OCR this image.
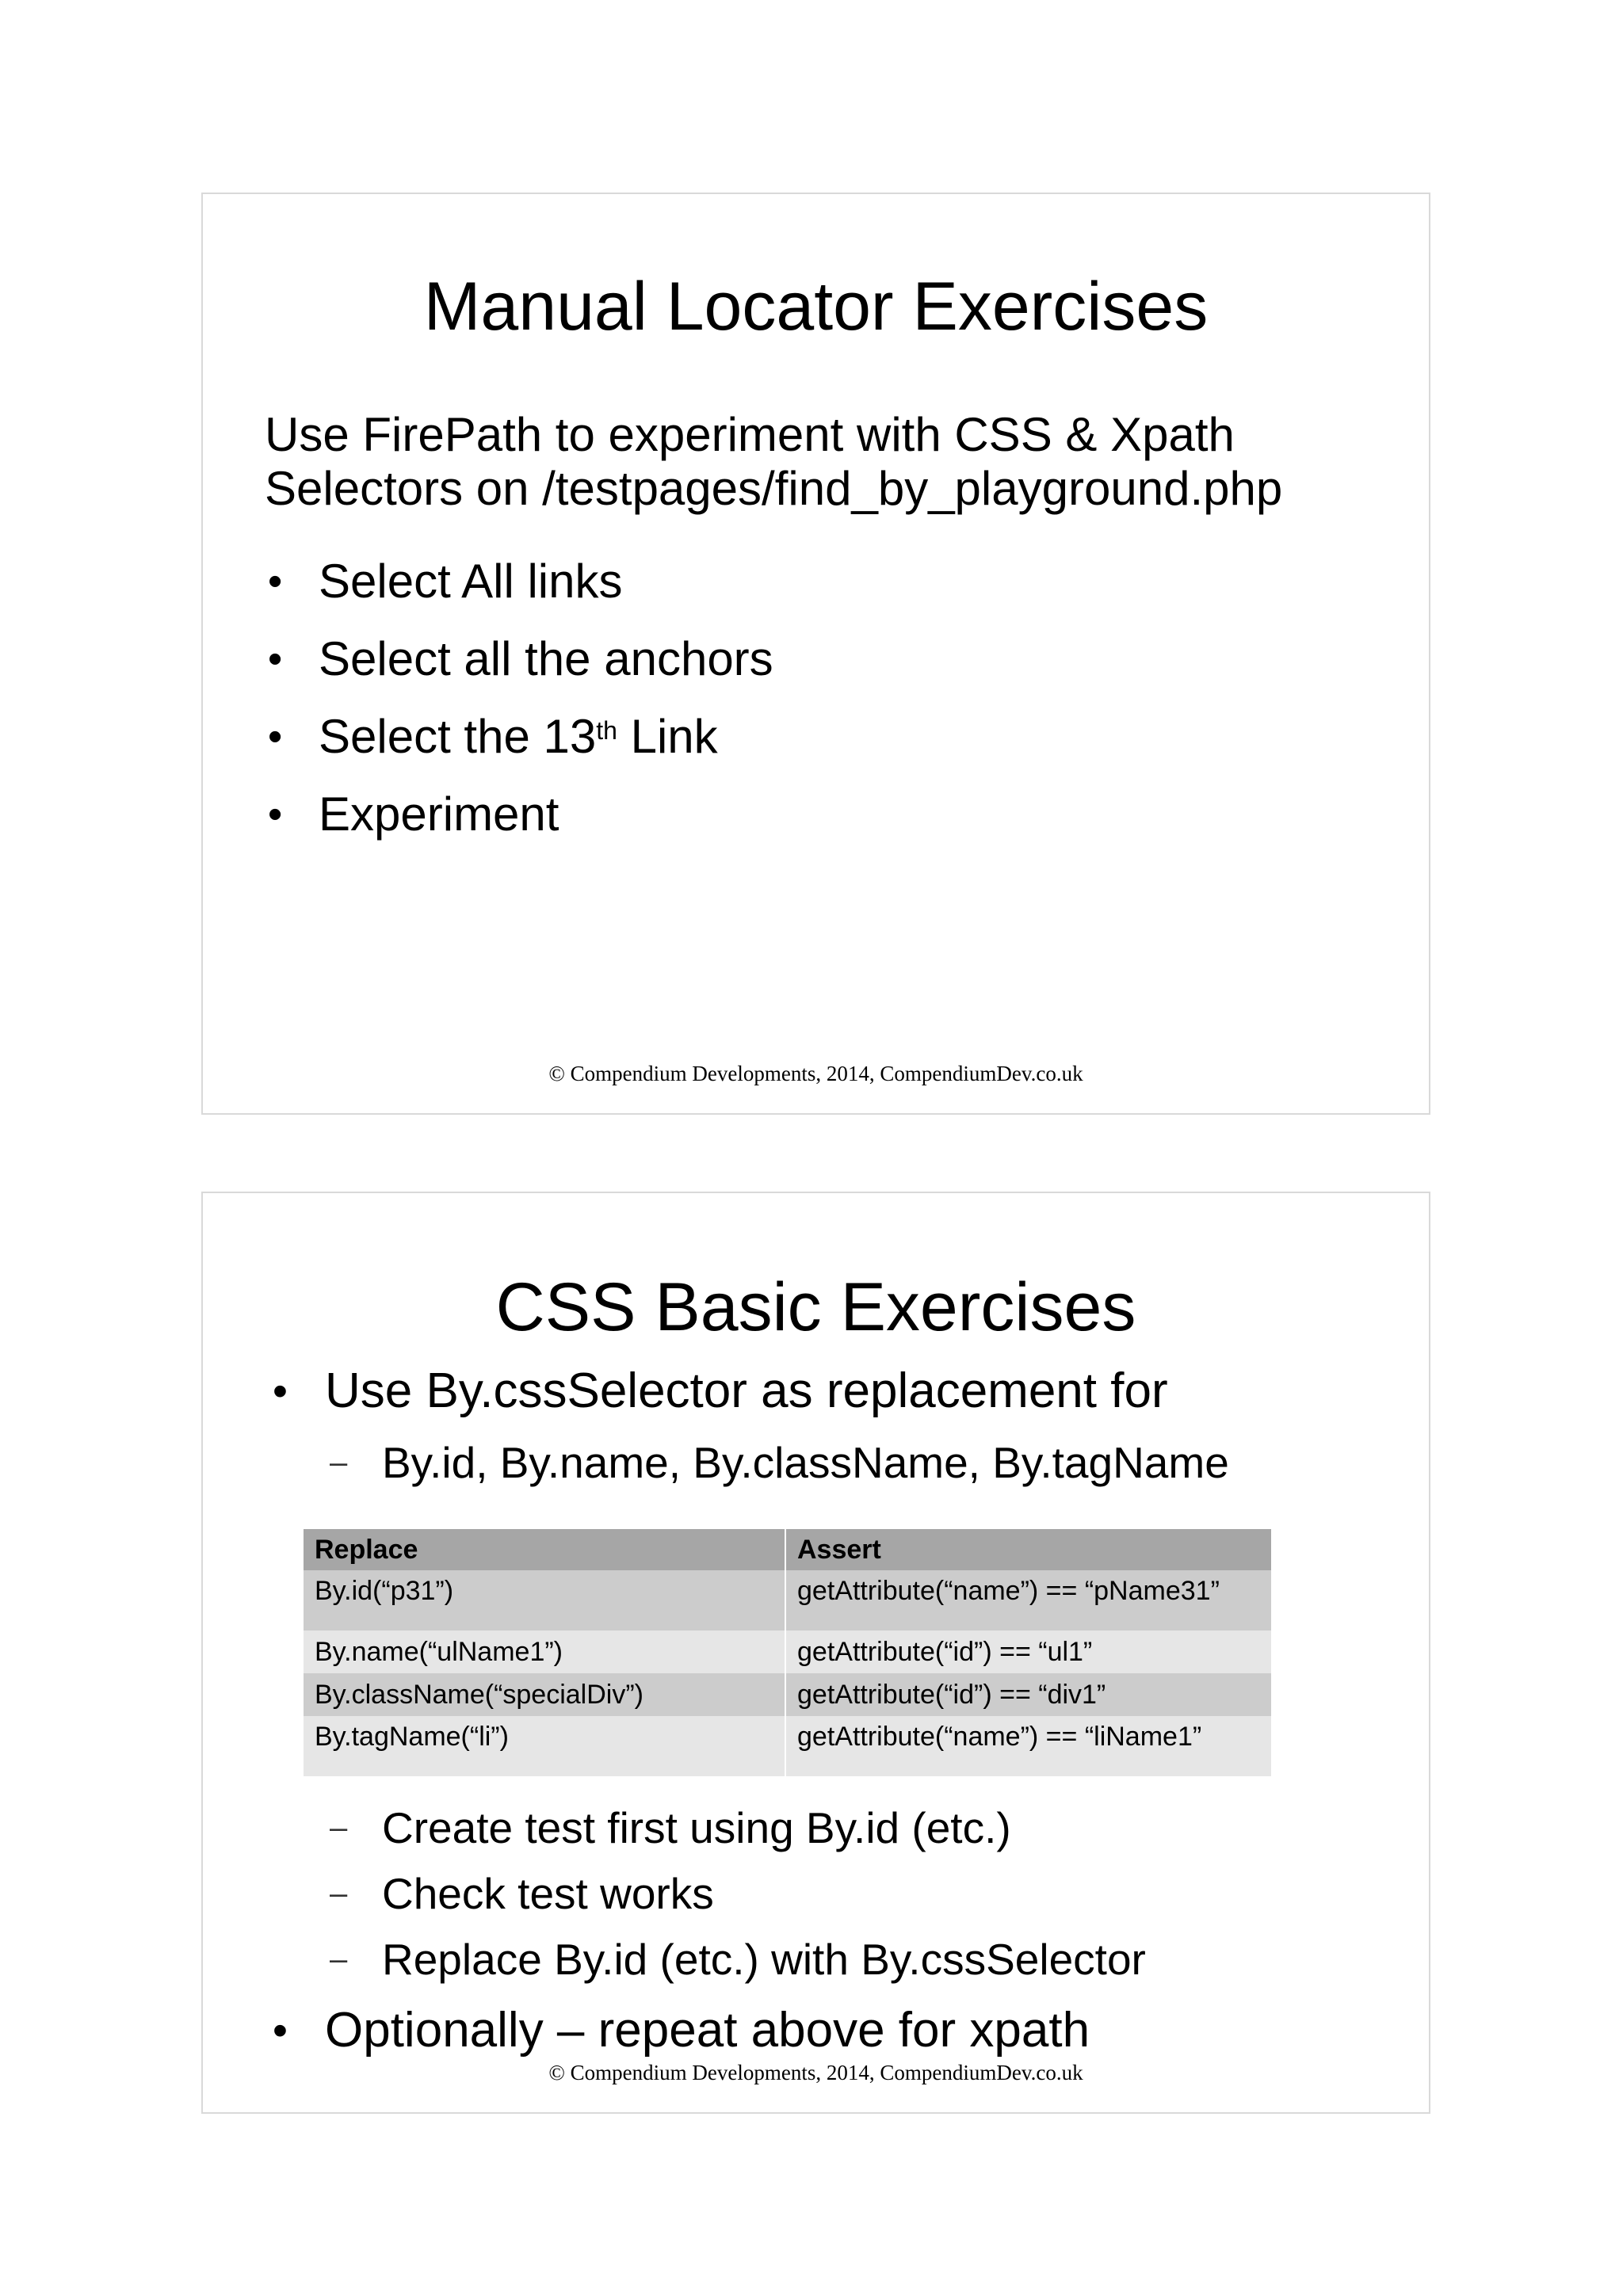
Manual Locator Exercises
Use FirePath to experiment with CSS & Xpath
Selectors on /testpages/find_by_playground.php
• Select All links
• Select all the anchors
• Select the 13th Link
• Experiment
© Compendium Developments, 2014, CompendiumDev.co.uk
CSS Basic Exercises
• Use By.cssSelector as replacement for
– By.id, By.name, By.className, By.tagName
Replace	Assert
By.id(“p31”)	getAttribute(“name”) == “pName31”
By.name(“ulName1”)	getAttribute(“id”) == “ul1”
By.className(“specialDiv”)	getAttribute(“id”) == “div1”
By.tagName(“li”)	getAttribute(“name”) == “liName1”
– Create test first using By.id (etc.)
– Check test works
– Replace By.id (etc.) with By.cssSelector
• Optionally – repeat above for xpath
© Compendium Developments, 2014, CompendiumDev.co.uk
